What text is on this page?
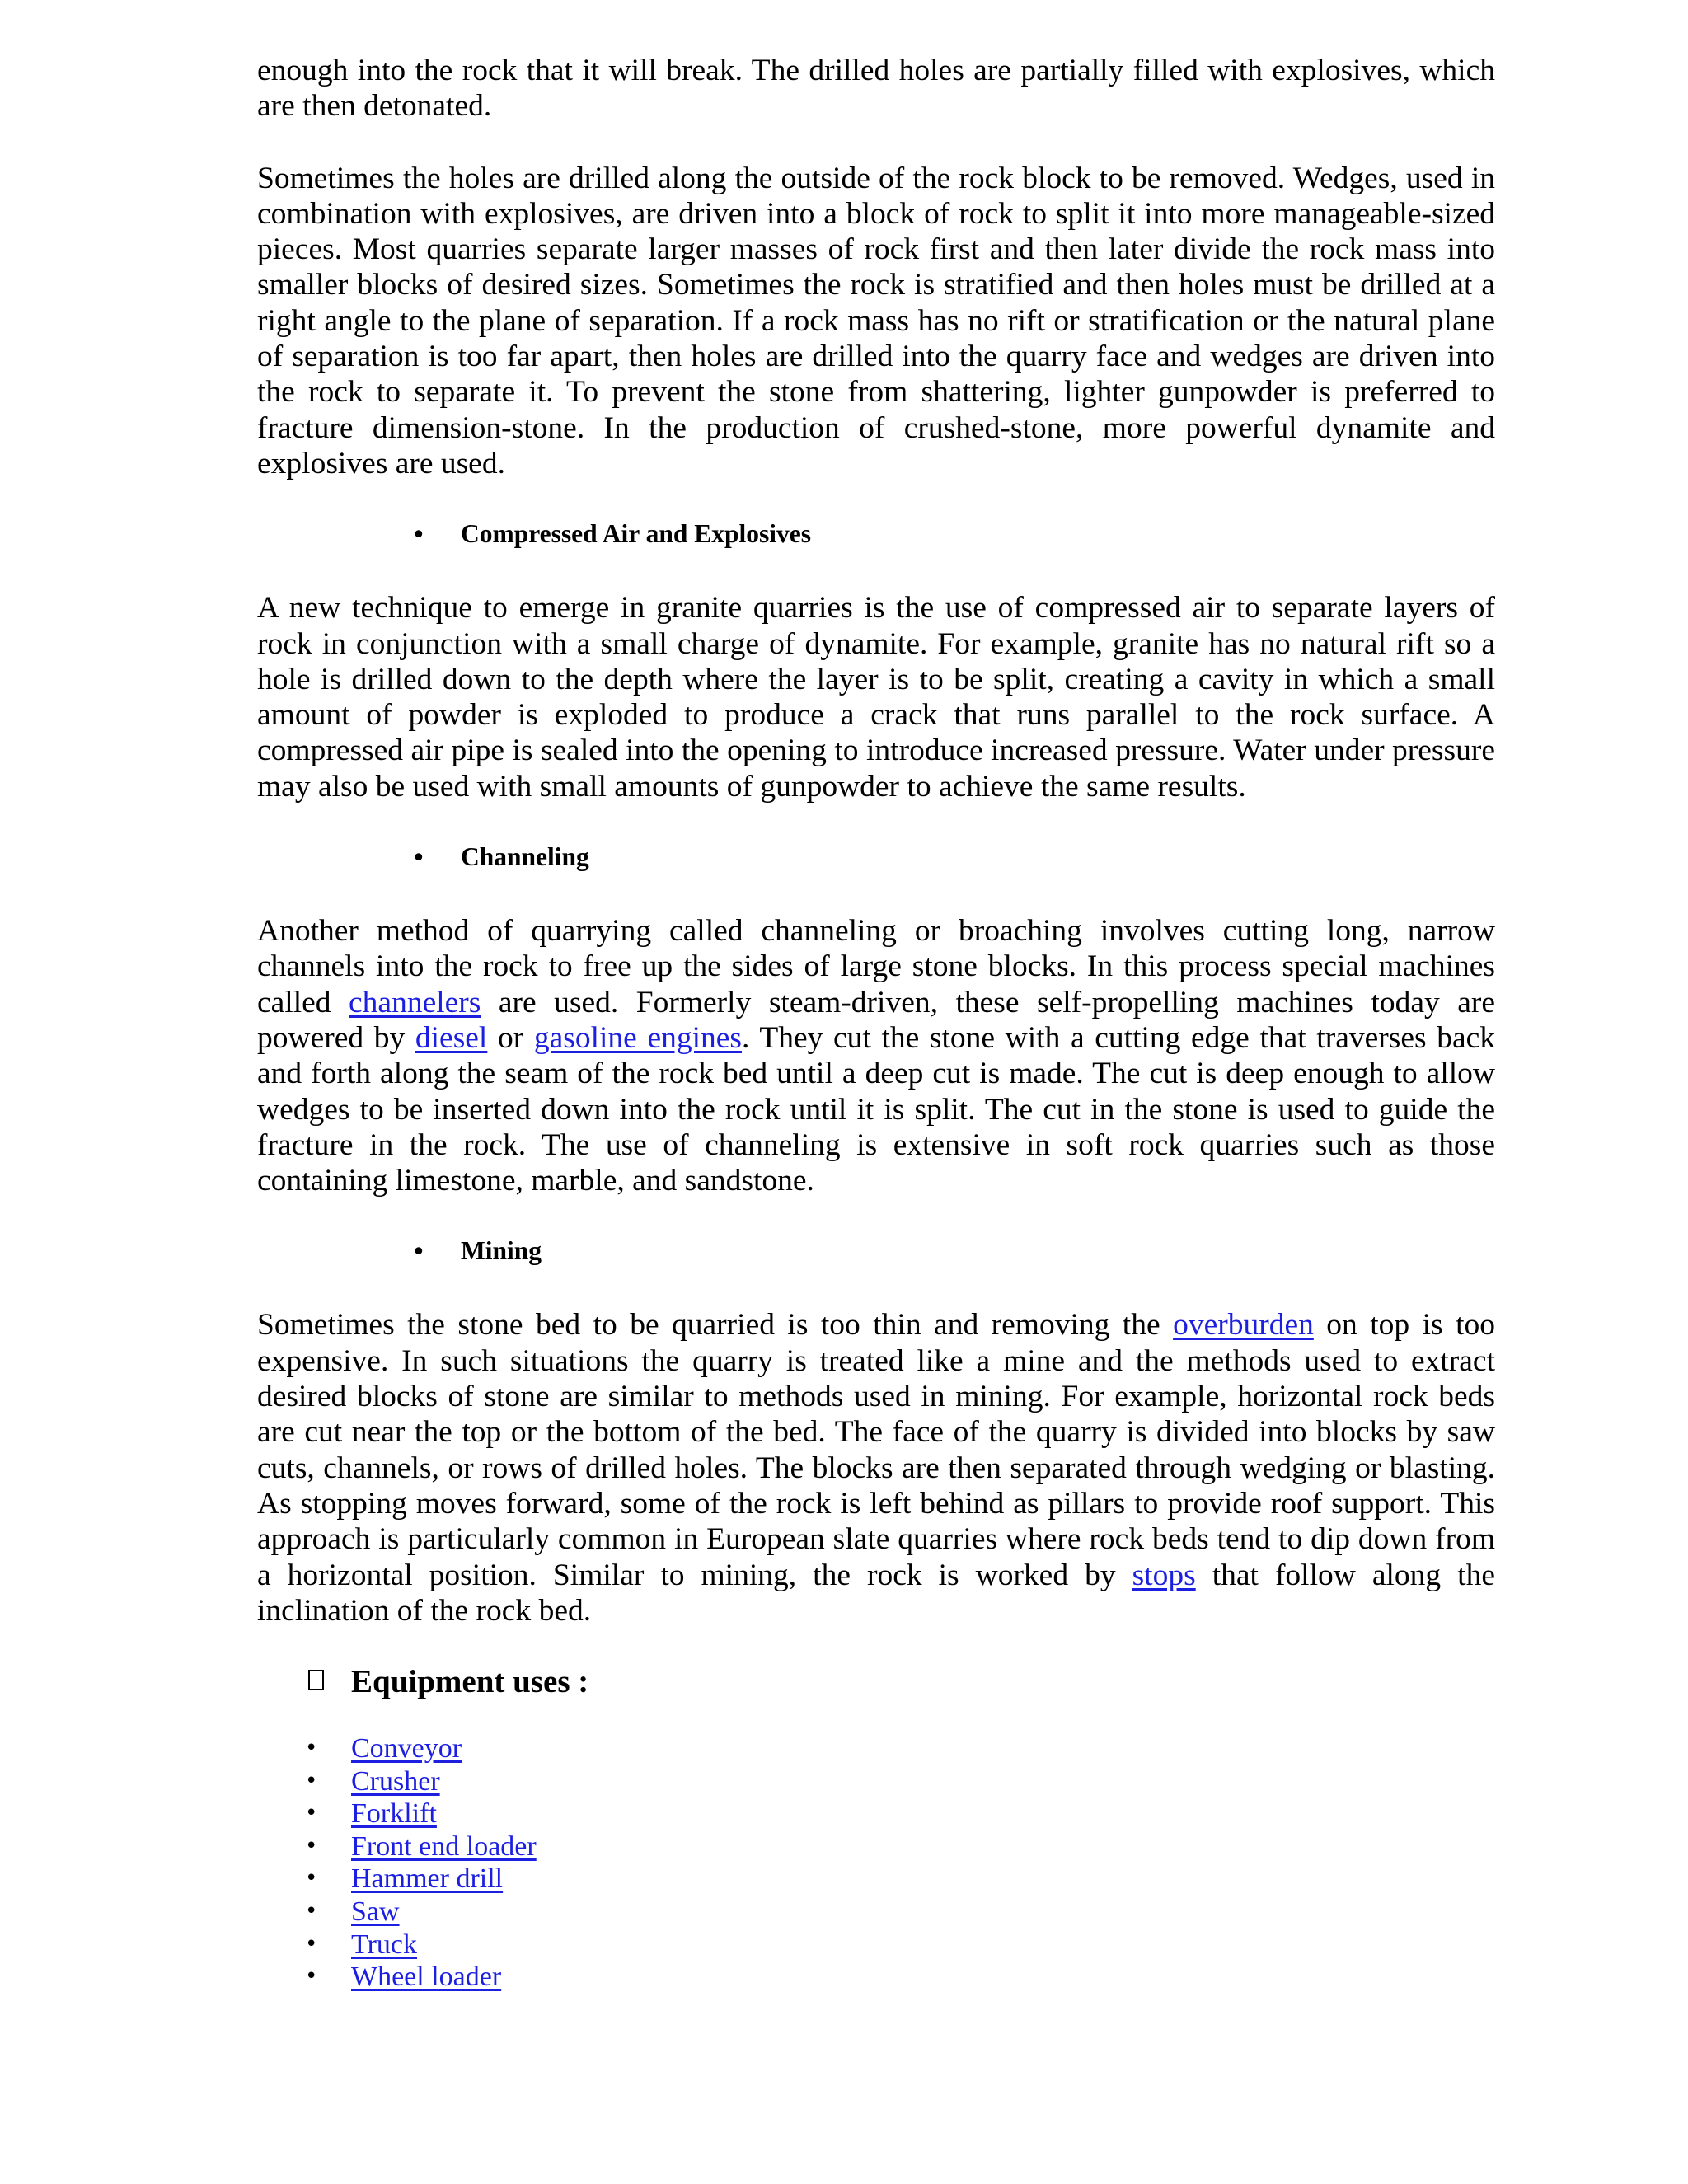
enough into the rock that it will break. The drilled holes are partially filled with explosives, which are then detonated.

Sometimes the holes are drilled along the outside of the rock block to be removed. Wedges, used in combination with explosives, are driven into a block of rock to split it into more manageable-sized pieces. Most quarries separate larger masses of rock first and then later divide the rock mass into smaller blocks of desired sizes. Sometimes the rock is stratified and then holes must be drilled at a right angle to the plane of separation. If a rock mass has no rift or stratification or the natural plane of separation is too far apart, then holes are drilled into the quarry face and wedges are driven into the rock to separate it. To prevent the stone from shattering, lighter gunpowder is preferred to fracture dimension-stone. In the production of crushed-stone, more powerful dynamite and explosives are used.

• Compressed Air and Explosives

A new technique to emerge in granite quarries is the use of compressed air to separate layers of rock in conjunction with a small charge of dynamite. For example, granite has no natural rift so a hole is drilled down to the depth where the layer is to be split, creating a cavity in which a small amount of powder is exploded to produce a crack that runs parallel to the rock surface. A compressed air pipe is sealed into the opening to introduce increased pressure. Water under pressure may also be used with small amounts of gunpowder to achieve the same results.

• Channeling

Another method of quarrying called channeling or broaching involves cutting long, narrow channels into the rock to free up the sides of large stone blocks. In this process special machines called channelers are used. Formerly steam-driven, these self-propelling machines today are powered by diesel or gasoline engines. They cut the stone with a cutting edge that traverses back and forth along the seam of the rock bed until a deep cut is made. The cut is deep enough to allow wedges to be inserted down into the rock until it is split. The cut in the stone is used to guide the fracture in the rock. The use of channeling is extensive in soft rock quarries such as those containing limestone, marble, and sandstone.

• Mining

Sometimes the stone bed to be quarried is too thin and removing the overburden on top is too expensive. In such situations the quarry is treated like a mine and the methods used to extract desired blocks of stone are similar to methods used in mining. For example, horizontal rock beds are cut near the top or the bottom of the bed. The face of the quarry is divided into blocks by saw cuts, channels, or rows of drilled holes. The blocks are then separated through wedging or blasting. As stopping moves forward, some of the rock is left behind as pillars to provide roof support. This approach is particularly common in European slate quarries where rock beds tend to dip down from a horizontal position. Similar to mining, the rock is worked by stops that follow along the inclination of the rock bed.

Equipment uses :
• Conveyor
• Crusher
• Forklift
• Front end loader
• Hammer drill
• Saw
• Truck
• Wheel loader
